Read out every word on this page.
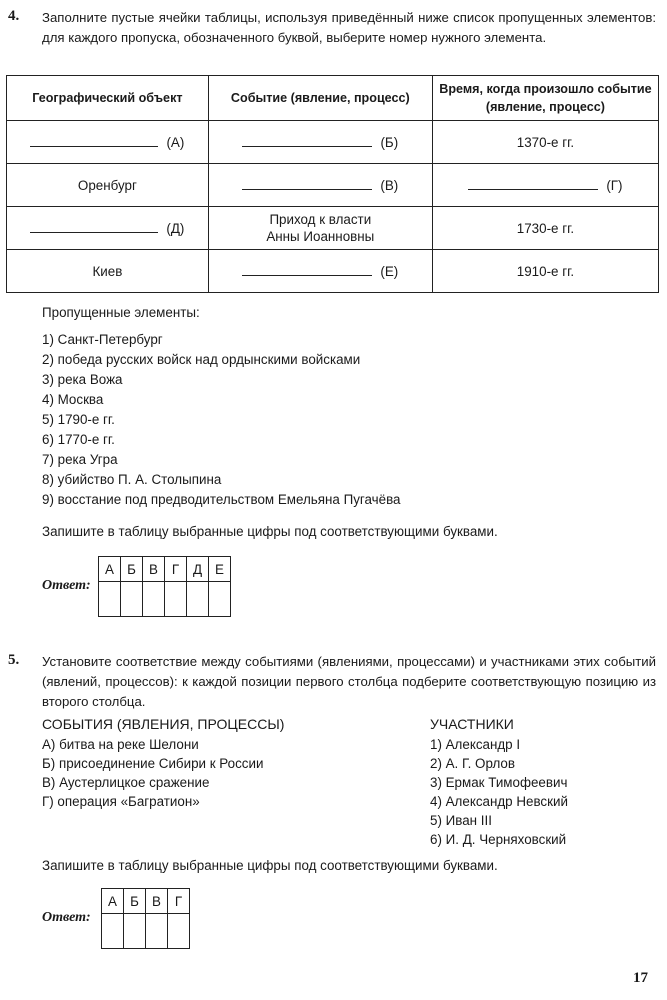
4. Заполните пустые ячейки таблицы, используя приведённый ниже список пропущенных элементов: для каждого пропуска, обозначенного буквой, выберите номер нужного элемента.
Географический объект	Событие (явление, процесс)	Время, когда произошло событие (явление, процесс)
(А)	(Б)	1370-е гг.
Оренбург	(В)	(Г)
(Д)	Приход к власти Анны Иоанновны	1730-е гг.
Киев	(Е)	1910-е гг.
Пропущенные элементы:
1) Санкт-Петербург
2) победа русских войск над ордынскими войсками
3) река Вожа
4) Москва
5) 1790-е гг.
6) 1770-е гг.
7) река Угра
8) убийство П. А. Столыпина
9) восстание под предводительством Емельяна Пугачёва
Запишите в таблицу выбранные цифры под соответствующими буквами.
Ответ:
А	Б	В	Г	Д	Е

5. Установите соответствие между событиями (явлениями, процессами) и участниками этих событий (явлений, процессов): к каждой позиции первого столбца подберите соответствующую позицию из второго столбца.
СОБЫТИЯ (ЯВЛЕНИЯ, ПРОЦЕССЫ)
А) битва на реке Шелони
Б) присоединение Сибири к России
В) Аустерлицкое сражение
Г) операция «Багратион»
УЧАСТНИКИ
1) Александр I
2) А. Г. Орлов
3) Ермак Тимофеевич
4) Александр Невский
5) Иван III
6) И. Д. Черняховский
Запишите в таблицу выбранные цифры под соответствующими буквами.
Ответ:
А	Б	В	Г

17
